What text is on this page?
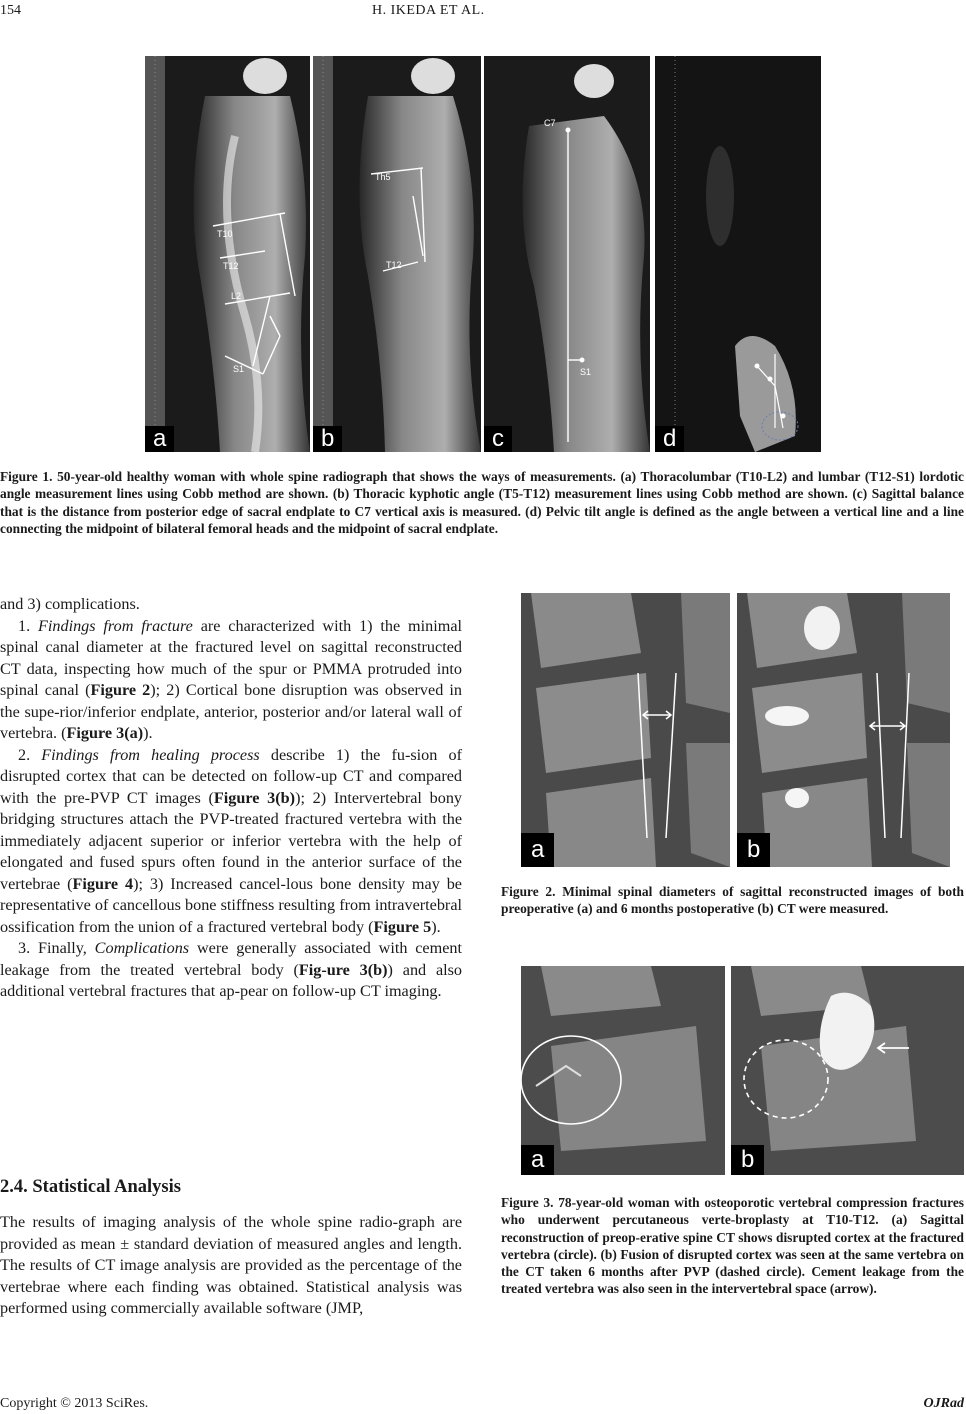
154	H. IKEDA ET AL.
T10
T12
L2
S1
a
Th5
T12
b
C7
S1
c	d
Figure 1. 50-year-old healthy woman with whole spine radiograph that shows the ways of measurements. (a) Thoracolumbar (T10-L2) and lumbar (T12-S1) lordotic angle measurement lines using Cobb method are shown. (b) Thoracic kyphotic angle (T5-T12) measurement lines using Cobb method are shown. (c) Sagittal balance that is the distance from posterior edge of sacral endplate to C7 vertical axis is measured. (d) Pelvic tilt angle is defined as the angle between a vertical line and a line connecting the midpoint of bilateral femoral heads and the midpoint of sacral endplate.

and 3) complications.

1. Findings from fracture are characterized with 1) the minimal spinal canal diameter at the fractured level on sagittal reconstructed CT data, inspecting how much of the spur or PMMA protruded into spinal canal (Figure 2); 2) Cortical bone disruption was observed in the supe-rior/inferior endplate, anterior, posterior and/or lateral wall of vertebra. (Figure 3(a)).

2. Findings from healing process describe 1) the fu-sion of disrupted cortex that can be detected on follow-up CT and compared with the pre-PVP CT images (Figure 3(b)); 2) Intervertebral bony bridging structures attach the PVP-treated fractured vertebra with the immediately adjacent superior or inferior vertebra with the help of elongated and fused spurs often found in the anterior surface of the vertebrae (Figure 4); 3) Increased cancel-lous bone density may be representative of cancellous bone stiffness resulting from intravertebral ossification from the union of a fractured vertebral body (Figure 5).

3. Finally, Complications were generally associated with cement leakage from the treated vertebral body (Fig-ure 3(b)) and also additional vertebral fractures that ap-pear on follow-up CT imaging.

2.4. Statistical Analysis

The results of imaging analysis of the whole spine radio-graph are provided as mean ± standard deviation of measured angles and length. The results of CT image analysis are provided as the percentage of the vertebrae where each finding was obtained. Statistical analysis was performed using commercially available software (JMP,

a	b
Figure 2. Minimal spinal diameters of sagittal reconstructed images of both preoperative (a) and 6 months postoperative (b) CT were measured.
a	b
Figure 3. 78-year-old woman with osteoporotic vertebral compression fractures who underwent percutaneous verte-broplasty at T10-T12. (a) Sagittal reconstruction of preop-erative spine CT shows disrupted cortex at the fractured vertebra (circle). (b) Fusion of disrupted cortex was seen at the same vertebra on the CT taken 6 months after PVP (dashed circle). Cement leakage from the treated vertebra was also seen in the intervertebral space (arrow).
Copyright © 2013 SciRes.	OJRad
